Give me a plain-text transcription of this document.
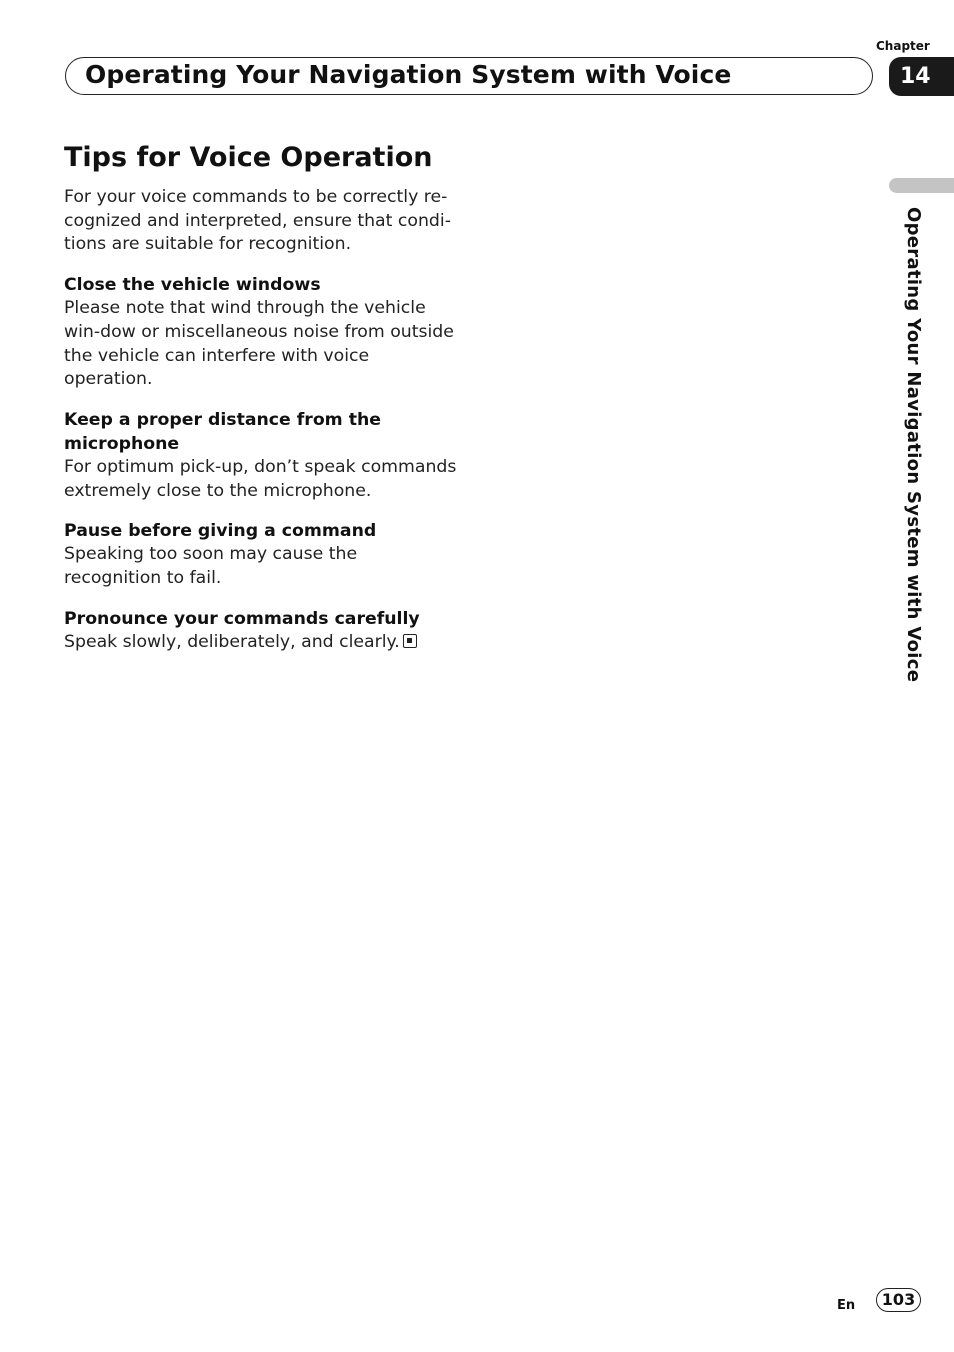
Chapter
Operating Your Navigation System with Voice	14
Operating Your Navigation System with Voice
Tips for Voice Operation

For your voice commands to be correctly re-cognized and interpreted, ensure that condi-tions are suitable for recognition.

Close the vehicle windows

Please note that wind through the vehicle win-dow or miscellaneous noise from outside the vehicle can interfere with voice operation.

Keep a proper distance from the microphone

For optimum pick-up, don’t speak commands extremely close to the microphone.

Pause before giving a command

Speaking too soon may cause the recognition to fail.

Pronounce your commands carefully

Speak slowly, deliberately, and clearly.

En	103
